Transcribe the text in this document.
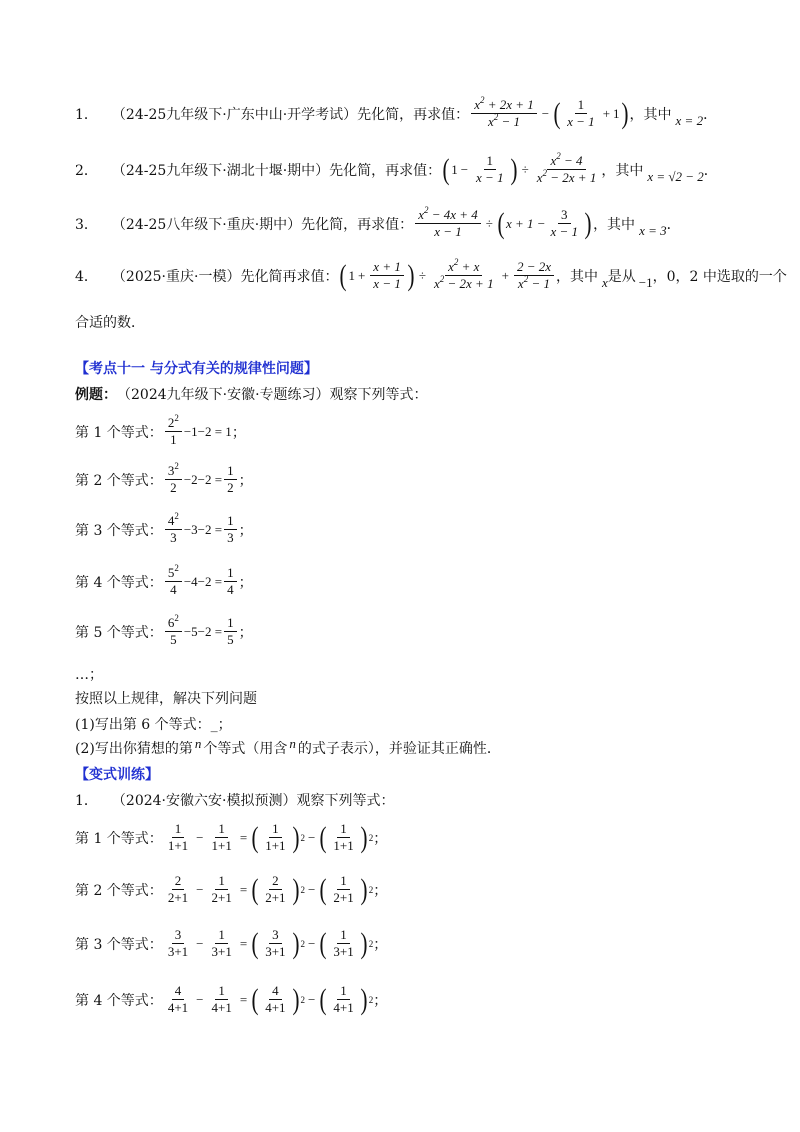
1． （24-25九年级下·广东中山·开学考试）先化简，再求值： $\frac{x^2 + 2x + 1}{x^2 - 1}$ − ( $\frac{1}{x - 1} + 1$ ) ，其中 x = 2 ．
2． （24-25九年级下·湖北十堰·期中）先化简，再求值： ( $1 - \frac{1}{x - 1}$ ) ÷ $\frac{x^2 - 4}{x^2 - 2x + 1}$ ，其中 x = √2 − 2 ．
3． （24-25八年级下·重庆·期中）先化简，再求值： $\frac{x^2 - 4x + 4}{x - 1}$ ÷ ( $x + 1 - \frac{3}{x - 1}$ ) ，其中 x = 3 ．
4． （2025·重庆·一模）先化简再求值： ( $1 + \frac{x + 1}{x - 1}$ ) ÷ $\frac{x^2 + x}{x^2 - 2x + 1} + \frac{2 - 2x}{x^2 - 1}$ ，其中 x 是从 −1 ，0，2 中选取的一个
合适的数．
【考点十一 与分式有关的规律性问题】
例题： （2024九年级下·安徽·专题练习）观察下列等式：
第 1 个等式： $\frac{2^2}{1} -1-2 = 1$ ；
第 2 个等式： $\frac{3^2}{2} -2-2 = \frac{1}{2}$ ；
第 3 个等式： $\frac{4^2}{3} -3-2 = \frac{1}{3}$ ；
第 4 个等式： $\frac{5^2}{4} -4-2 = \frac{1}{4}$ ；
第 5 个等式： $\frac{6^2}{5} -5-2 = \frac{1}{5}$ ；
…；
按照以上规律，解决下列问题
(1)写出第 6 个等式：_；
(2)写出你猜想的第 n 个等式（用含 n 的式子表示），并验证其正确性．
【变式训练】
1． （2024·安徽六安·模拟预测）观察下列等式：
第 1 个等式： $\frac{1}{1+1} - \frac{1}{1+1}$ = ( $\frac{1}{1+1}$ ) 2 − ( $\frac{1}{1+1}$ ) 2 ；
第 2 个等式： $\frac{2}{2+1} - \frac{1}{2+1}$ = ( $\frac{2}{2+1}$ ) 2 − ( $\frac{1}{2+1}$ ) 2 ；
第 3 个等式： $\frac{3}{3+1} - \frac{1}{3+1}$ = ( $\frac{3}{3+1}$ ) 2 − ( $\frac{1}{3+1}$ ) 2 ；
第 4 个等式： $\frac{4}{4+1} - \frac{1}{4+1}$ = ( $\frac{4}{4+1}$ ) 2 − ( $\frac{1}{4+1}$ ) 2 ；
